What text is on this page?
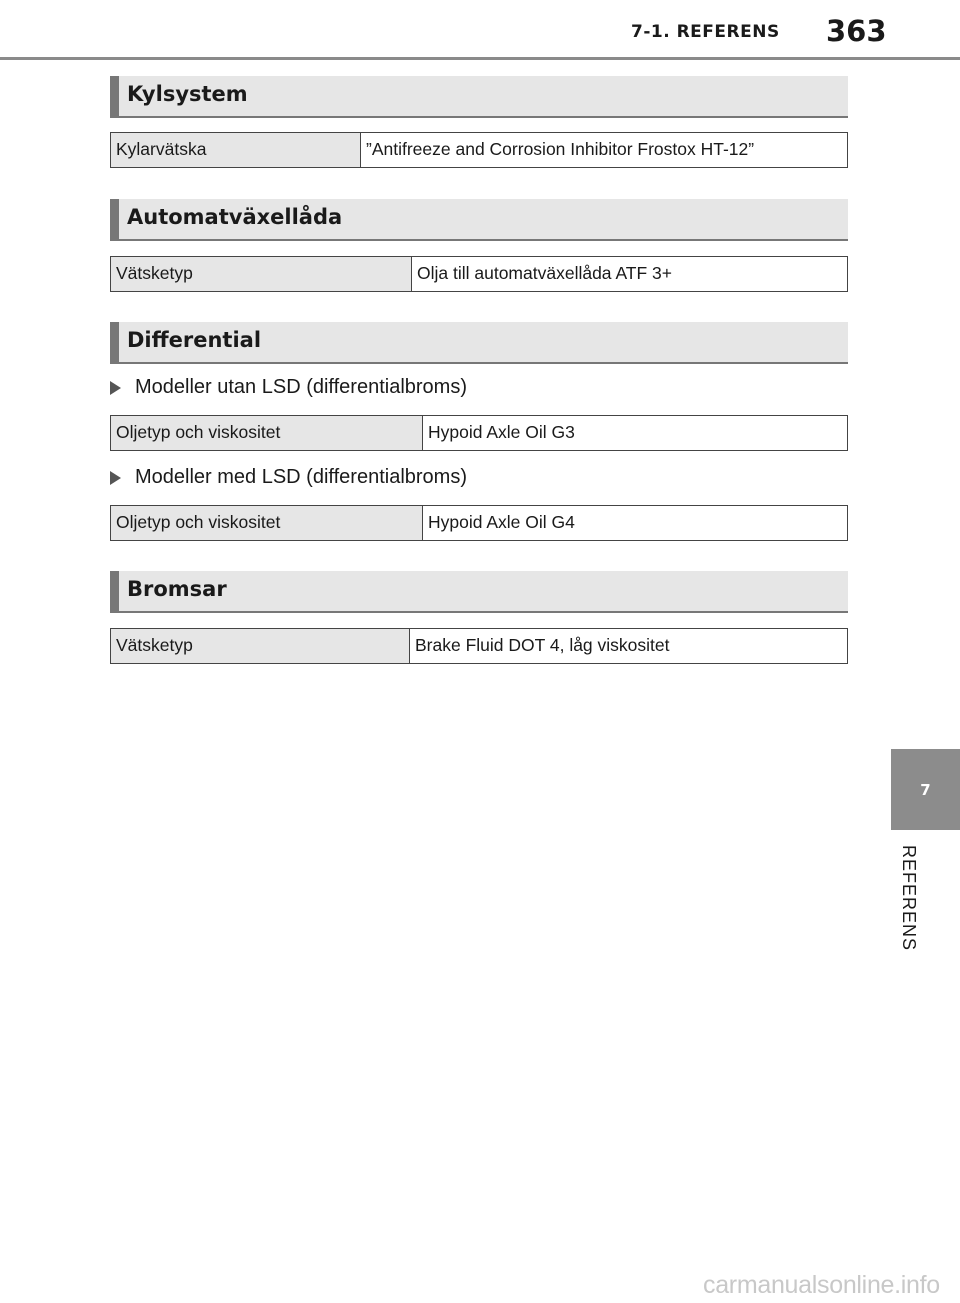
7-1. REFERENS 363
Kylsystem
Kylarvätska	”Antifreeze and Corrosion Inhibitor Frostox HT-12”
Automatväxellåda
Vätsketyp	Olja till automatväxellåda ATF 3+
Differential
Modeller utan LSD (differentialbroms)
Oljetyp och viskositet	Hypoid Axle Oil G3
Modeller med LSD (differentialbroms)
Oljetyp och viskositet	Hypoid Axle Oil G4
Bromsar
Vätsketyp	Brake Fluid DOT 4, låg viskositet
7
REFERENS
carmanualsonline.info
